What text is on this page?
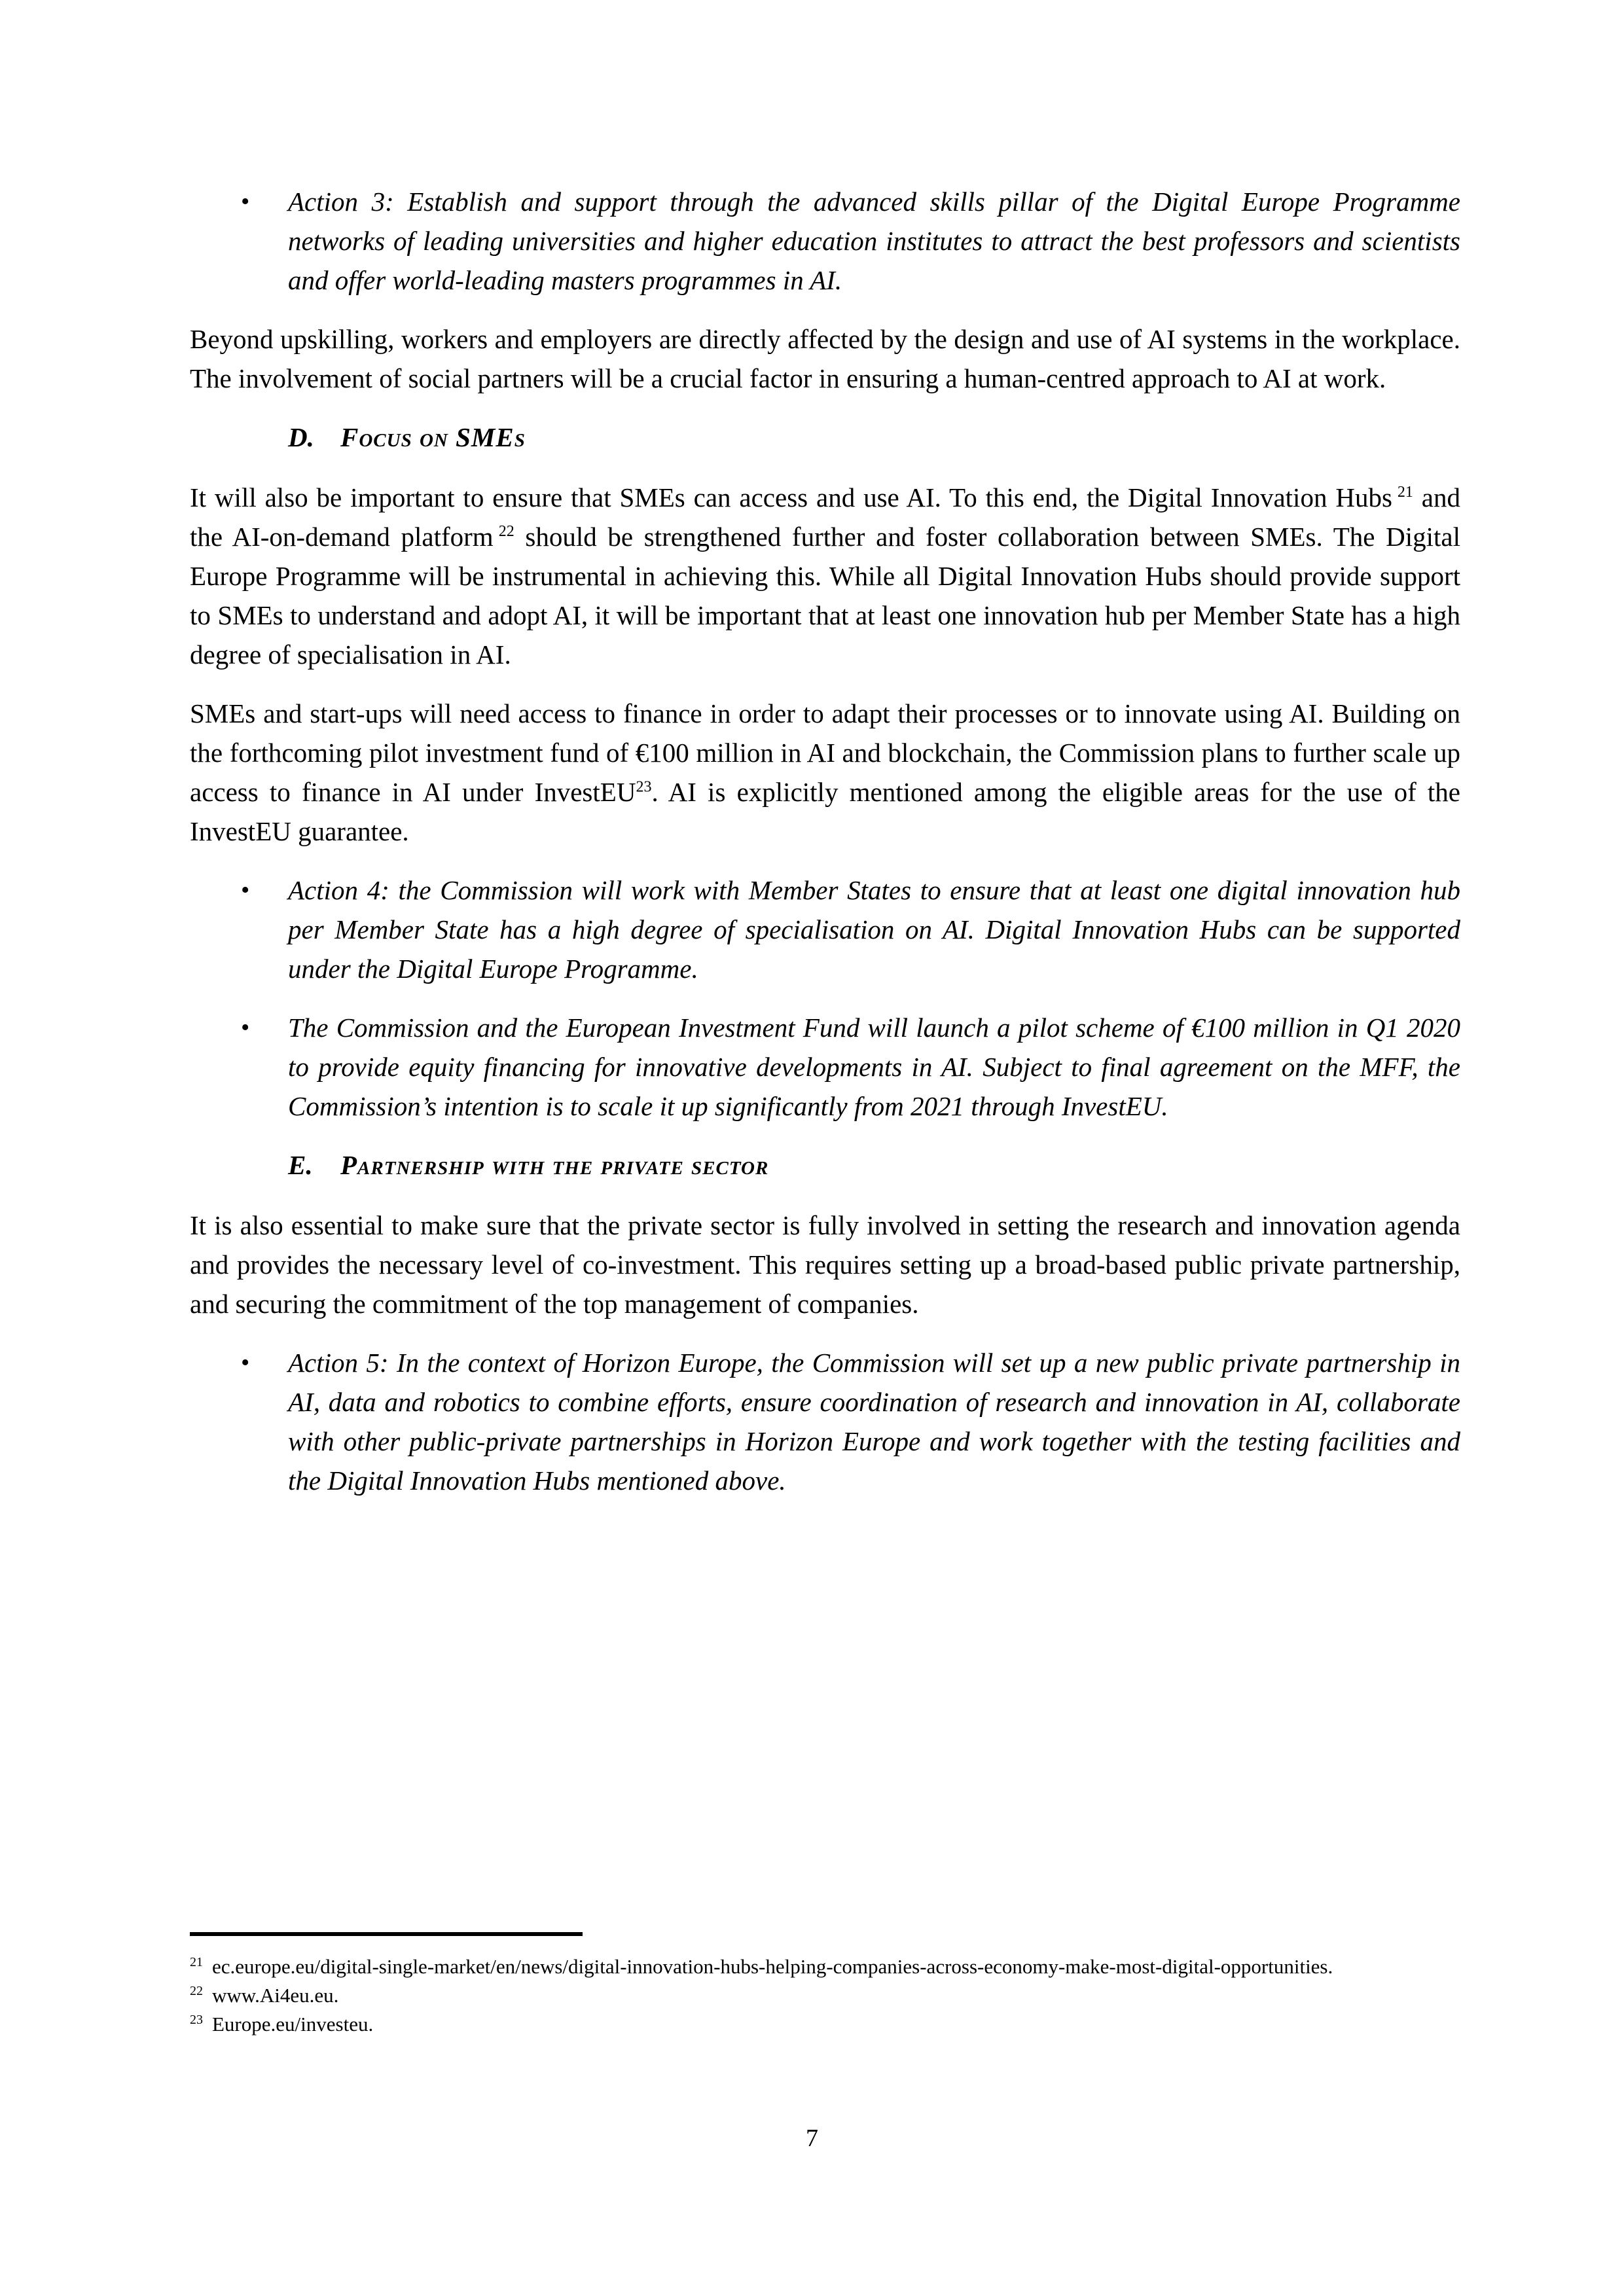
• Action 3: Establish and support through the advanced skills pillar of the Digital Europe Programme networks of leading universities and higher education institutes to attract the best professors and scientists and offer world-leading masters programmes in AI.

Beyond upskilling, workers and employers are directly affected by the design and use of AI systems in the workplace. The involvement of social partners will be a crucial factor in ensuring a human-centred approach to AI at work.

D. Focus on SMEs

It will also be important to ensure that SMEs can access and use AI. To this end, the Digital Innovation Hubs $^{21}$ and the AI-on-demand platform $^{22}$ should be strengthened further and foster collaboration between SMEs. The Digital Europe Programme will be instrumental in achieving this. While all Digital Innovation Hubs should provide support to SMEs to understand and adopt AI, it will be important that at least one innovation hub per Member State has a high degree of specialisation in AI.

SMEs and start-ups will need access to finance in order to adapt their processes or to innovate using AI. Building on the forthcoming pilot investment fund of €100 million in AI and blockchain, the Commission plans to further scale up access to finance in AI under InvestEU$^{23}$. AI is explicitly mentioned among the eligible areas for the use of the InvestEU guarantee.

• Action 4: the Commission will work with Member States to ensure that at least one digital innovation hub per Member State has a high degree of specialisation on AI. Digital Innovation Hubs can be supported under the Digital Europe Programme.
• The Commission and the European Investment Fund will launch a pilot scheme of €100 million in Q1 2020 to provide equity financing for innovative developments in AI. Subject to final agreement on the MFF, the Commission’s intention is to scale it up significantly from 2021 through InvestEU.
E.	Partnership with the private sector

It is also essential to make sure that the private sector is fully involved in setting the research and innovation agenda and provides the necessary level of co-investment. This requires setting up a broad-based public private partnership, and securing the commitment of the top management of companies.

• Action 5: In the context of Horizon Europe, the Commission will set up a new public private partnership in AI, data and robotics to combine efforts, ensure coordination of research and innovation in AI, collaborate with other public-private partnerships in Horizon Europe and work together with the testing facilities and the Digital Innovation Hubs mentioned above.
$^{21}$ ec.europe.eu/digital-single-market/en/news/digital-innovation-hubs-helping-companies-across-economy-make-most-digital-opportunities.
$^{22}$ www.Ai4eu.eu.
$^{23}$ Europe.eu/investeu.
7
